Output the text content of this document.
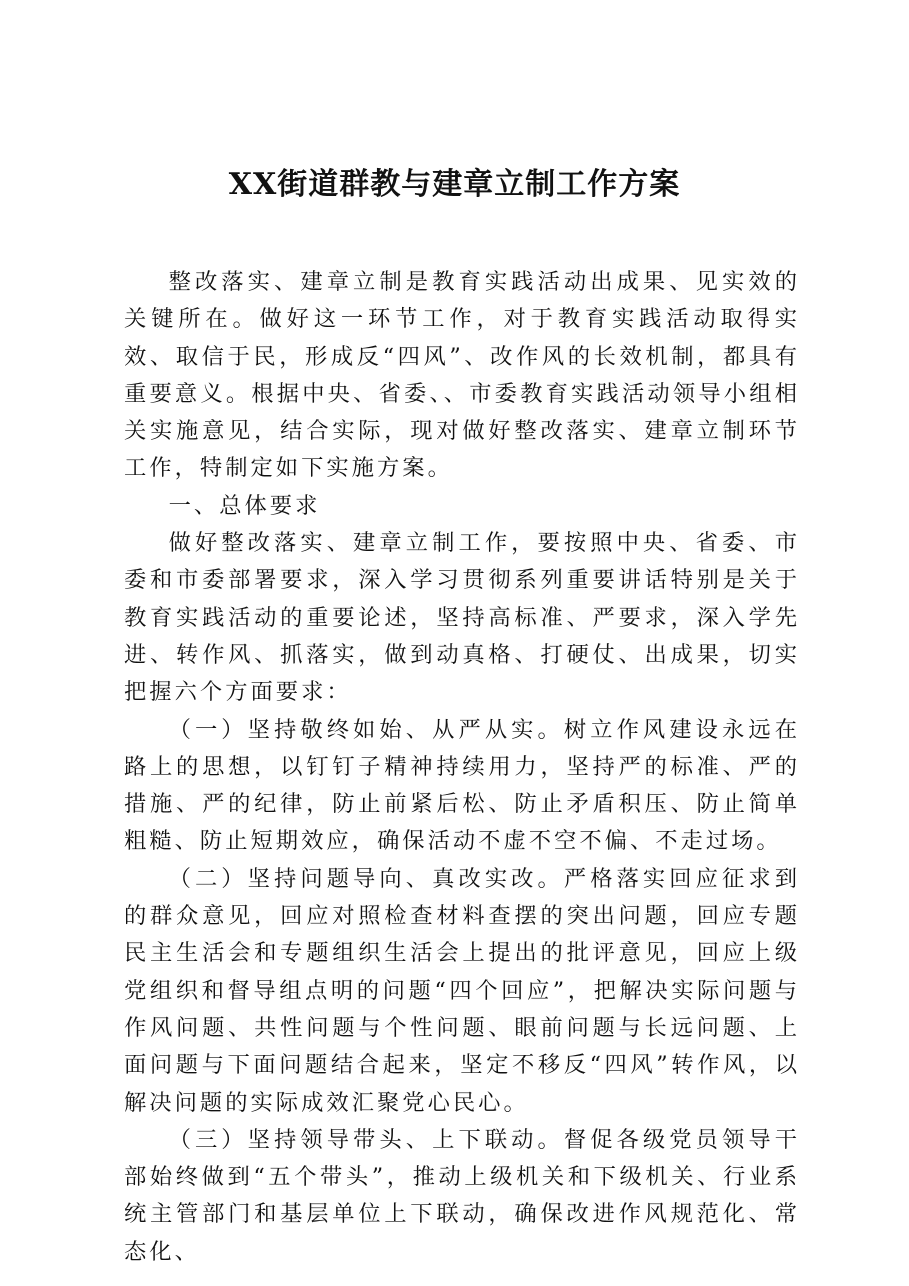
XX街道群教与建章立制工作方案

整改落实、建章立制是教育实践活动出成果、见实效的关键所在。做好这一环节工作，对于教育实践活动取得实效、取信于民，形成反“四风”、改作风的长效机制，都具有重要意义。根据中央、省委、、市委教育实践活动领导小组相关实施意见，结合实际，现对做好整改落实、建章立制环节工作，特制定如下实施方案。

一、总体要求

做好整改落实、建章立制工作，要按照中央、省委、市委和市委部署要求，深入学习贯彻系列重要讲话特别是关于教育实践活动的重要论述，坚持高标准、严要求，深入学先进、转作风、抓落实，做到动真格、打硬仗、出成果，切实把握六个方面要求：

（一）坚持敬终如始、从严从实。树立作风建设永远在路上的思想，以钉钉子精神持续用力，坚持严的标准、严的措施、严的纪律，防止前紧后松、防止矛盾积压、防止简单粗糙、防止短期效应，确保活动不虚不空不偏、不走过场。

（二）坚持问题导向、真改实改。严格落实回应征求到的群众意见，回应对照检查材料查摆的突出问题，回应专题民主生活会和专题组织生活会上提出的批评意见，回应上级党组织和督导组点明的问题“四个回应”，把解决实际问题与作风问题、共性问题与个性问题、眼前问题与长远问题、上面问题与下面问题结合起来，坚定不移反“四风”转作风，以解决问题的实际成效汇聚党心民心。

（三）坚持领导带头、上下联动。督促各级党员领导干部始终做到“五个带头”，推动上级机关和下级机关、行业系统主管部门和基层单位上下联动，确保改进作风规范化、常态化、
